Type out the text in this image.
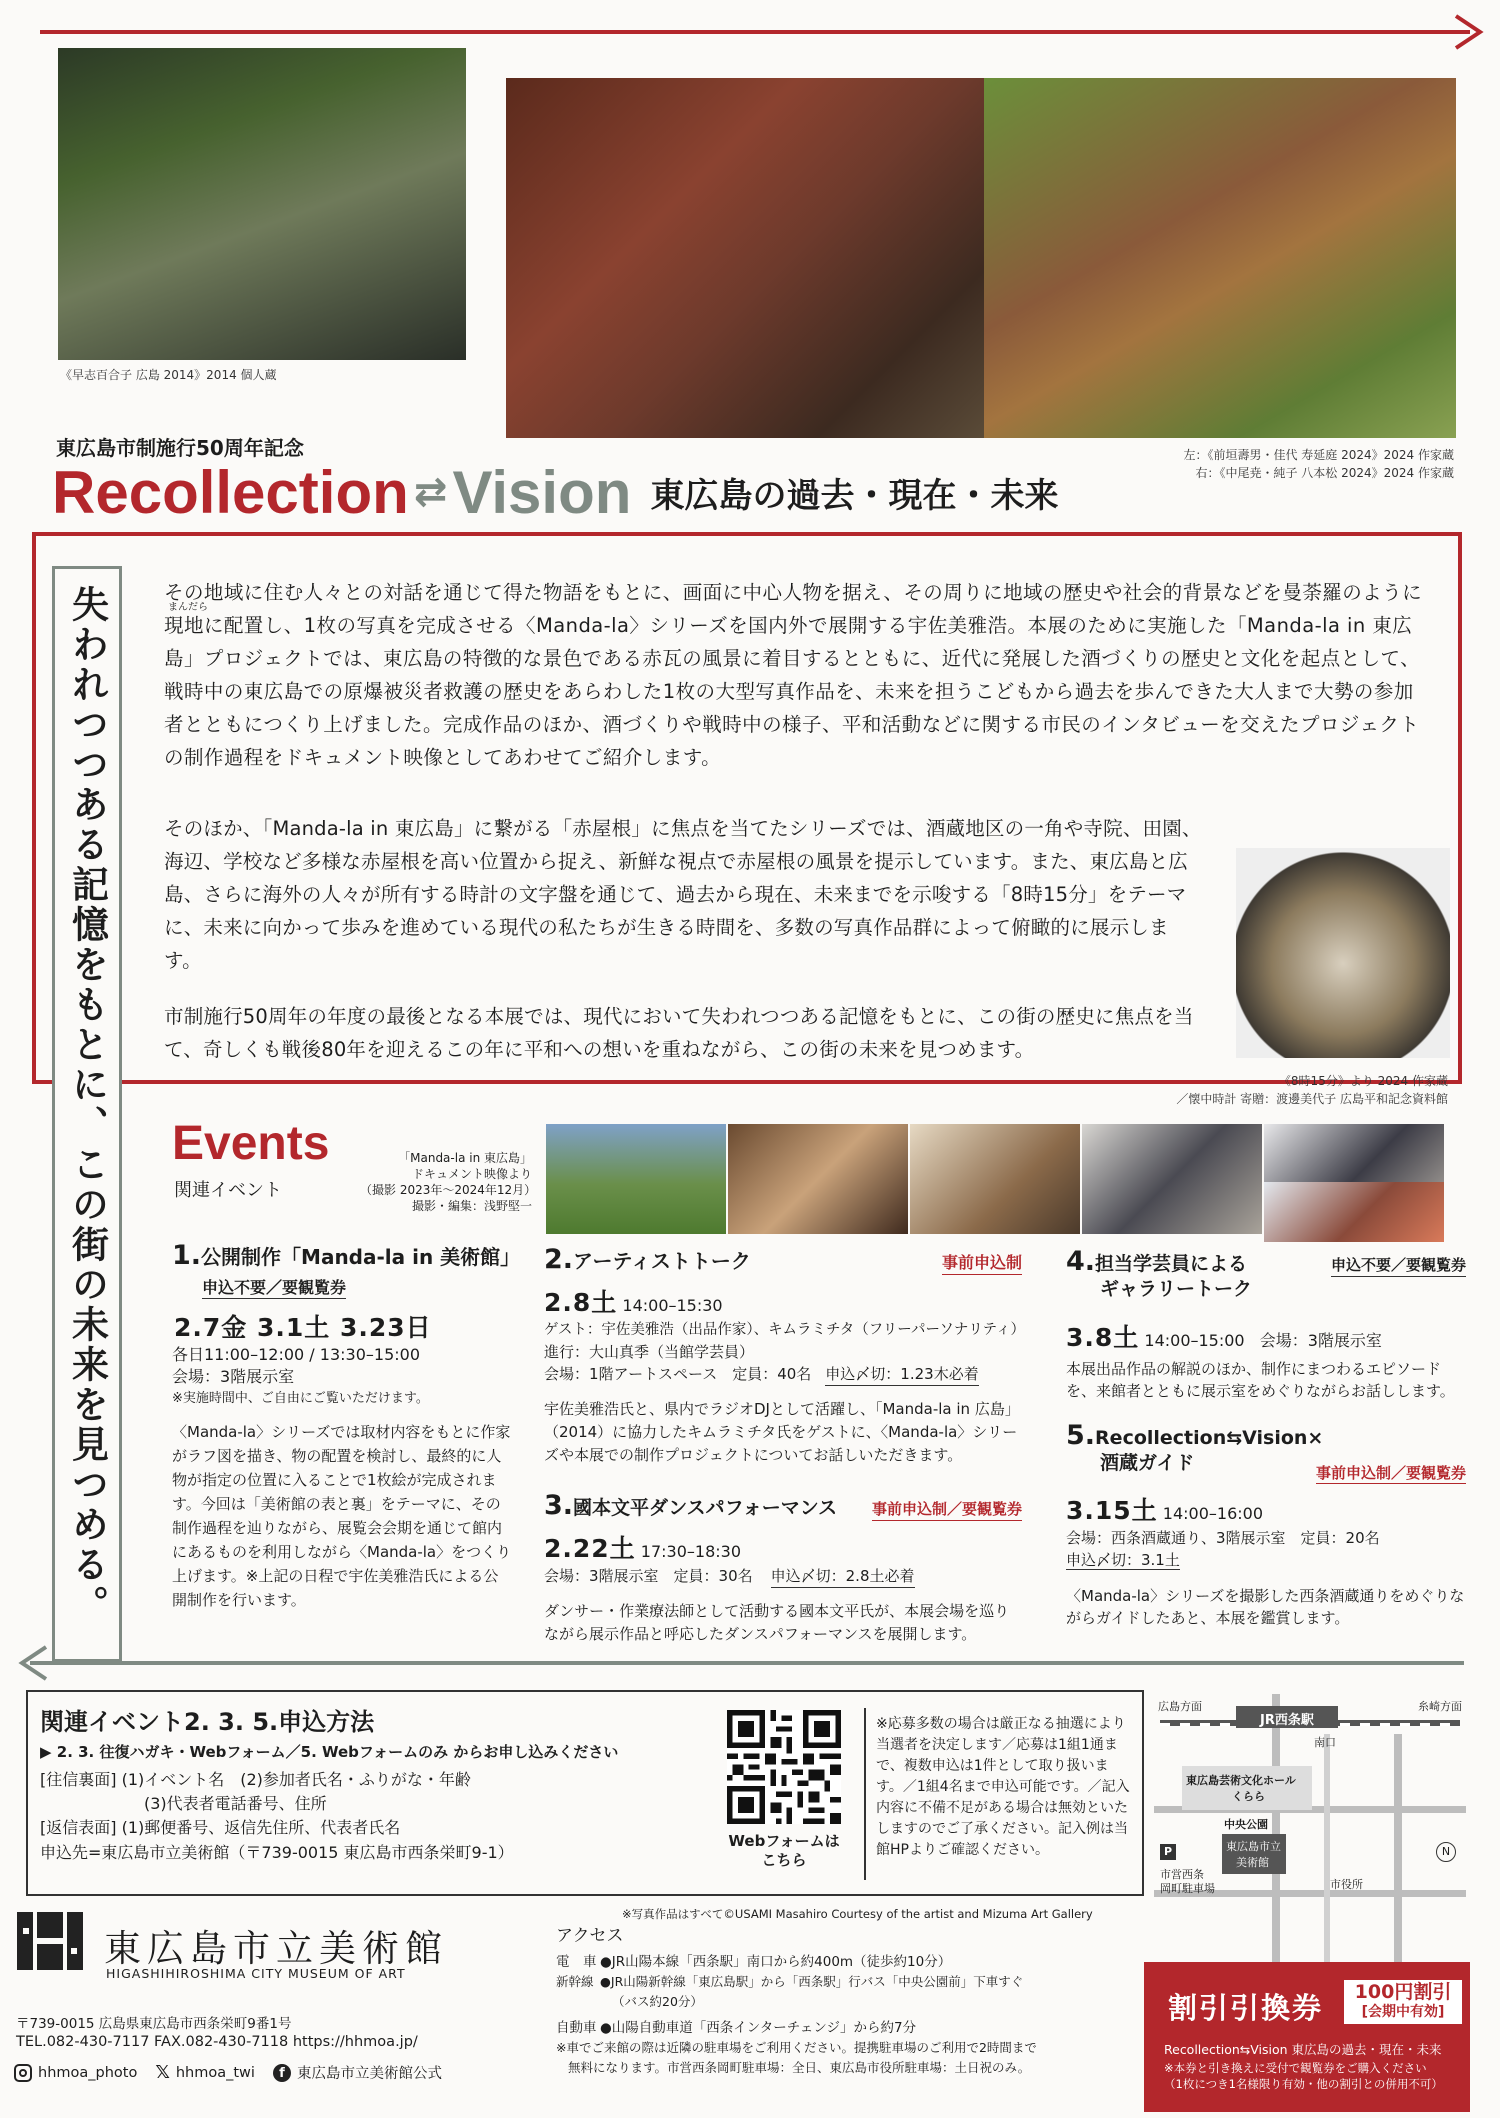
《早志百合子 広島 2014》2014 個人蔵
左：《前垣壽男・佳代 寿延庭 2024》2024 作家蔵
右：《中尾尭・純子 八本松 2024》2024 作家蔵
東広島市制施行50周年記念
Recollection ⇄ Vision 東広島の過去・現在・未来
失われつつある記憶をもとに、この街の未来を見つめる。	まんだら
その地域に住む人々との対話を通じて得た物語をもとに、画面に中心人物を据え、その周りに地域の歴史や社会的背景などを曼荼羅のように現地に配置し、1枚の写真を完成させる〈Manda-la〉シリーズを国内外で展開する宇佐美雅浩。本展のために実施した「Manda-la in 東広島」プロジェクトでは、東広島の特徴的な景色である赤瓦の風景に着目するとともに、近代に発展した酒づくりの歴史と文化を起点として、戦時中の東広島での原爆被災者救護の歴史をあらわした1枚の大型写真作品を、未来を担うこどもから過去を歩んできた大人まで大勢の参加者とともにつくり上げました。完成作品のほか、酒づくりや戦時中の様子、平和活動などに関する市民のインタビューを交えたプロジェクトの制作過程をドキュメント映像としてあわせてご紹介します。
そのほか、「Manda-la in 東広島」に繋がる「赤屋根」に焦点を当てたシリーズでは、酒蔵地区の一角や寺院、田園、海辺、学校など多様な赤屋根を高い位置から捉え、新鮮な視点で赤屋根の風景を提示しています。また、東広島と広島、さらに海外の人々が所有する時計の文字盤を通じて、過去から現在、未来までを示唆する「8時15分」をテーマに、未来に向かって歩みを進めている現代の私たちが生きる時間を、多数の写真作品群によって俯瞰的に展示します。
市制施行50周年の年度の最後となる本展では、現代において失われつつある記憶をもとに、この街の歴史に焦点を当て、奇しくも戦後80年を迎えるこの年に平和への想いを重ねながら、この街の未来を見つめます。
《8時15分》より 2024 作家蔵
／懐中時計 寄贈：渡邊美代子 広島平和記念資料館
Events
関連イベント
「Manda-la in 東広島」
ドキュメント映像より
（撮影 2023年～2024年12月）
撮影・編集：浅野堅一
1.公開制作「Manda-la in 美術館」
申込不要／要観覧券
2.7金 3.1土 3.23日
各日11:00–12:00 / 13:30–15:00
会場：3階展示室
※実施時間中、ご自由にご覧いただけます。
〈Manda-la〉シリーズでは取材内容をもとに作家がラフ図を描き、物の配置を検討し、最終的に人物が指定の位置に入ることで1枚絵が完成されます。今回は「美術館の表と裏」をテーマに、その制作過程を辿りながら、展覧会会期を通じて館内にあるものを利用しながら〈Manda-la〉をつくり上げます。※上記の日程で宇佐美雅浩氏による公開制作を行います。
2.アーティストトーク	事前申込制
2.8土 14:00–15:30
ゲスト：宇佐美雅浩（出品作家）、キムラミチタ（フリーパーソナリティ）
進行：大山真季（当館学芸員）
会場：1階アートスペース　定員：40名 申込〆切：1.23木必着
宇佐美雅浩氏と、県内でラジオDJとして活躍し、「Manda-la in 広島」（2014）に協力したキムラミチタ氏をゲストに、〈Manda-la〉シリーズや本展での制作プロジェクトについてお話しいただきます。
3.國本文平ダンスパフォーマンス 事前申込制／要観覧券
2.22土 17:30–18:30
会場：3階展示室　定員：30名 申込〆切：2.8土必着
ダンサー・作業療法師として活動する國本文平氏が、本展会場を巡りながら展示作品と呼応したダンスパフォーマンスを展開します。
4.担当学芸員による
ギャラリートーク
申込不要／要観覧券
3.8土 14:00–15:00 会場：3階展示室
本展出品作品の解説のほか、制作にまつわるエピソードを、来館者とともに展示室をめぐりながらお話しします。
5.Recollection⇆Vision×
酒蔵ガイド	事前申込制／要観覧券
3.15土 14:00–16:00
会場：西条酒蔵通り、3階展示室　定員：20名
申込〆切：3.1土
〈Manda-la〉シリーズを撮影した西条酒蔵通りをめぐりながらガイドしたあと、本展を鑑賞します。
関連イベント2. 3. 5.申込方法
▶ 2. 3. 往復ハガキ・Webフォーム／5. Webフォームのみ からお申し込みください
[往信裏面] (1)イベント名　(2)参加者氏名・ふりがな・年齢
(3)代表者電話番号、住所
[返信表面] (1)郵便番号、返信先住所、代表者氏名
申込先=東広島市立美術館（〒739-0015 東広島市西条栄町9-1）
Webフォームは
こちら
※応募多数の場合は厳正なる抽選により当選者を決定します／応募は1組1通まで、複数申込は1件として取り扱います。／1組4名まで申込可能です。／記入内容に不備不足がある場合は無効といたしますのでご了承ください。記入例は当館HPよりご確認ください。
※写真作品はすべて©USAMI Masahiro Courtesy of the artist and Mizuma Art Gallery
東広島市立美術館
HIGASHIHIROSHIMA CITY MUSEUM OF ART
〒739-0015 広島県東広島市西条栄町9番1号
TEL.082-430-7117 FAX.082-430-7118 https://hhmoa.jp/
hhmoa_photo 𝕏 hhmoa_twi	f 東広島市立美術館公式
アクセス
電　車 ●JR山陽本線「西条駅」南口から約400m（徒歩約10分）
新幹線 ●JR山陽新幹線「東広島駅」から「西条駅」行バス「中央公園前」下車すぐ
（バス約20分）
自動車 ●山陽自動車道「西条インターチェンジ」から約7分
※車でご来館の際は近隣の駐車場をご利用ください。提携駐車場のご利用で2時間まで
無料になります。市営西条岡町駐車場：全日、東広島市役所駐車場：土日祝のみ。
JR西条駅
広島方面	糸崎方面
南口
東広島芸術文化ホール
くらら
中央公園
東広島市立
美術館
P
市営西条
岡町駐車場	市役所
N
割引引換券	100円割引
[会期中有効]
Recollection⇆Vision 東広島の過去・現在・未来
※本券と引き換えに受付で観覧券をご購入ください
（1枚につき1名様限り有効・他の割引との併用不可）
